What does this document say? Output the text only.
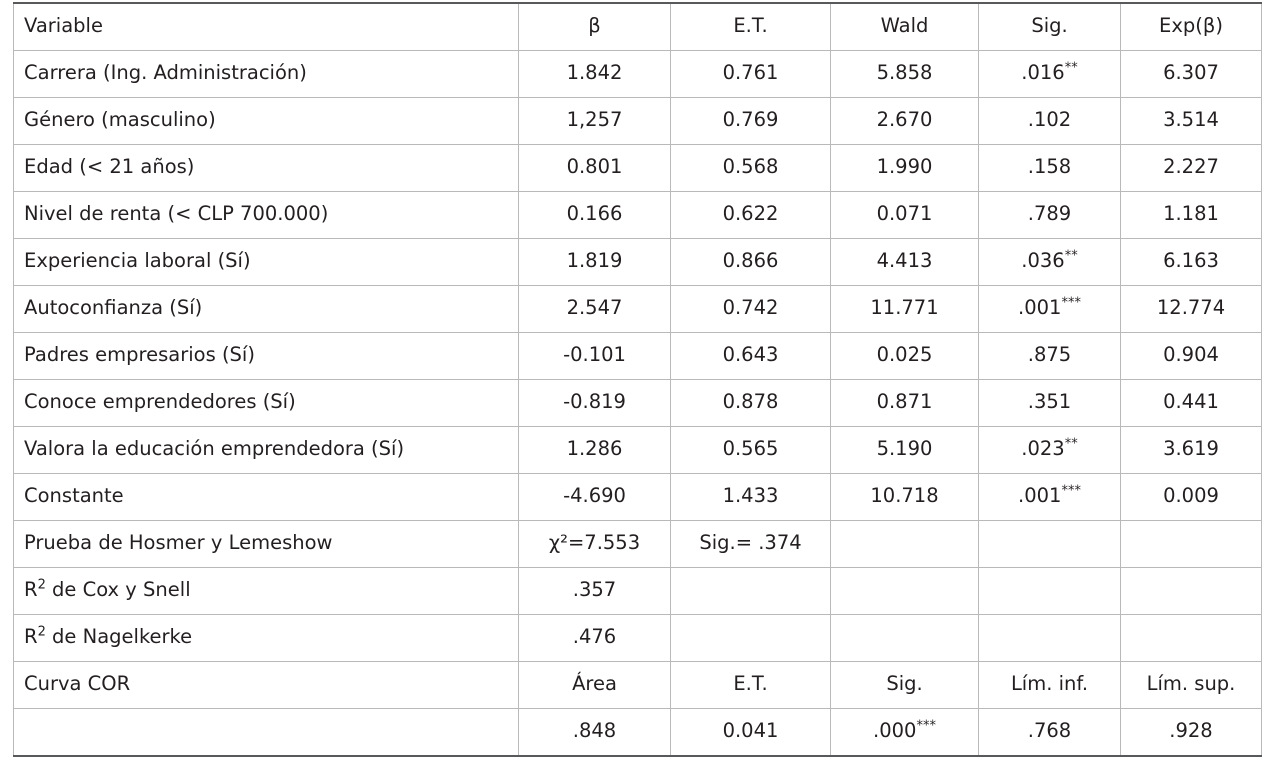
Variable	β	E.T.	Wald	Sig.	Exp(β)
Carrera (Ing. Administración)	1.842	0.761	5.858	.016**	6.307
Género (masculino)	1,257	0.769	2.670	.102	3.514
Edad (< 21 años)	0.801	0.568	1.990	.158	2.227
Nivel de renta (< CLP 700.000)	0.166	0.622	0.071	.789	1.181
Experiencia laboral (Sí)	1.819	0.866	4.413	.036**	6.163
Autoconfianza (Sí)	2.547	0.742	11.771	.001***	12.774
Padres empresarios (Sí)	-0.101	0.643	0.025	.875	0.904
Conoce emprendedores (Sí)	-0.819	0.878	0.871	.351	0.441
Valora la educación emprendedora (Sí)	1.286	0.565	5.190	.023**	3.619
Constante	-4.690	1.433	10.718	.001***	0.009
Prueba de Hosmer y Lemeshow	χ²=7.553	Sig.= .374			
$R^2$ de Cox y Snell	.357				
$R^2$ de Nagelkerke	.476				
Curva COR	Área	E.T.	Sig.	Lím. inf.	Lím. sup.
	.848	0.041	.000***	.768	.928
